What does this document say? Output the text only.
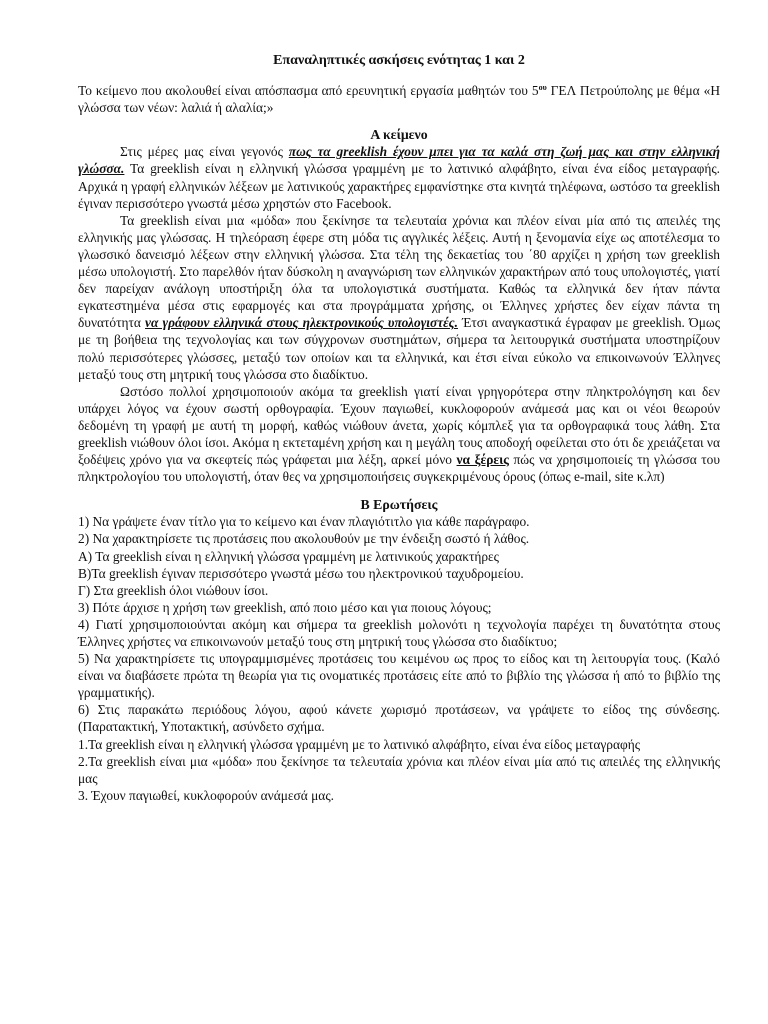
Επαναληπτικές ασκήσεις ενότητας 1 και 2

Το κείμενο που ακολουθεί είναι απόσπασμα από ερευνητική εργασία μαθητών του $5^{o\upsilon}$ ΓΕΛ Πετρούπολης με θέμα «Η γλώσσα των νέων: λαλιά ή αλαλία;»

Α κείμενο

Στις μέρες μας είναι γεγονός πως τα greeklish έχουν μπει για τα καλά στη ζωή μας και στην ελληνική γλώσσα. Τα greeklish είναι η ελληνική γλώσσα γραμμένη με το λατινικό αλφάβητο, είναι ένα είδος μεταγραφής. Αρχικά η γραφή ελληνικών λέξεων με λατινικούς χαρακτήρες εμφανίστηκε στα κινητά τηλέφωνα, ωστόσο τα greeklish έγιναν περισσότερο γνωστά μέσω χρηστών στο Facebook.

Τα greeklish είναι μια «μόδα» που ξεκίνησε τα τελευταία χρόνια και πλέον είναι μία από τις απειλές της ελληνικής μας γλώσσας. Η τηλεόραση έφερε στη μόδα τις αγγλικές λέξεις. Αυτή η ξενομανία είχε ως αποτέλεσμα το γλωσσικό δανεισμό λέξεων στην ελληνική γλώσσα. Στα τέλη της δεκαετίας του ΄80 αρχίζει η χρήση των greeklish μέσω υπολογιστή. Στο παρελθόν ήταν δύσκολη η αναγνώριση των ελληνικών χαρακτήρων από τους υπολογιστές, γιατί δεν παρείχαν ανάλογη υποστήριξη όλα τα υπολογιστικά συστήματα. Καθώς τα ελληνικά δεν ήταν πάντα εγκατεστημένα μέσα στις εφαρμογές και στα προγράμματα χρήσης, οι Έλληνες χρήστες δεν είχαν πάντα τη δυνατότητα να γράφουν ελληνικά στους ηλεκτρονικούς υπολογιστές. Έτσι αναγκαστικά έγραφαν με greeklish. Όμως με τη βοήθεια της τεχνολογίας και των σύγχρονων συστημάτων, σήμερα τα λειτουργικά συστήματα υποστηρίζουν πολύ περισσότερες γλώσσες, μεταξύ των οποίων και τα ελληνικά, και έτσι είναι εύκολο να επικοινωνούν Έλληνες μεταξύ τους στη μητρική τους γλώσσα στο διαδίκτυο.

Ωστόσο πολλοί χρησιμοποιούν ακόμα τα greeklish γιατί είναι γρηγορότερα στην πληκτρολόγηση και δεν υπάρχει λόγος να έχουν σωστή ορθογραφία. Έχουν παγιωθεί, κυκλοφορούν ανάμεσά μας και οι νέοι θεωρούν δεδομένη τη γραφή με αυτή τη μορφή, καθώς νιώθουν άνετα, χωρίς κόμπλεξ για τα ορθογραφικά τους λάθη. Στα greeklish νιώθουν όλοι ίσοι. Ακόμα η εκτεταμένη χρήση και η μεγάλη τους αποδοχή οφείλεται στο ότι δε χρειάζεται να ξοδέψεις χρόνο για να σκεφτείς πώς γράφεται μια λέξη, αρκεί μόνο να ξέρεις πώς να χρησιμοποιείς τη γλώσσα του πληκτρολογίου του υπολογιστή, όταν θες να χρησιμοποιήσεις συγκεκριμένους όρους (όπως e-mail, site κ.λπ)

Β Ερωτήσεις

1) Να γράψετε έναν τίτλο για το κείμενο και έναν πλαγιότιτλο για κάθε παράγραφο.

2) Να χαρακτηρίσετε τις προτάσεις που ακολουθούν με την ένδειξη σωστό ή λάθος.

Α) Τα greeklish είναι η ελληνική γλώσσα γραμμένη με λατινικούς χαρακτήρες

Β)Τα greeklish έγιναν περισσότερο γνωστά μέσω του ηλεκτρονικού ταχυδρομείου.

Γ) Στα greeklish όλοι νιώθουν ίσοι.

3) Πότε άρχισε η χρήση των greeklish, από ποιο μέσο και για ποιους λόγους;

4) Γιατί χρησιμοποιούνται ακόμη και σήμερα τα greeklish μολονότι η τεχνολογία παρέχει τη δυνατότητα στους Έλληνες χρήστες να επικοινωνούν μεταξύ τους στη μητρική τους γλώσσα στο διαδίκτυο;

5) Να χαρακτηρίσετε τις υπογραμμισμένες προτάσεις του κειμένου ως προς το είδος και τη λειτουργία τους. (Καλό είναι να διαβάσετε πρώτα τη θεωρία για τις ονοματικές προτάσεις είτε από το βιβλίο της γλώσσα ή από το βιβλίο της γραμματικής).

6) Στις παρακάτω περιόδους λόγου, αφού κάνετε χωρισμό προτάσεων, να γράψετε το είδος της σύνδεσης. (Παρατακτική, Υποτακτική, ασύνδετο σχήμα.

1.Τα greeklish είναι η ελληνική γλώσσα γραμμένη με το λατινικό αλφάβητο, είναι ένα είδος μεταγραφής

2.Τα greeklish είναι μια «μόδα» που ξεκίνησε τα τελευταία χρόνια και πλέον είναι μία από τις απειλές της ελληνικής μας

3. Έχουν παγιωθεί, κυκλοφορούν ανάμεσά μας.
